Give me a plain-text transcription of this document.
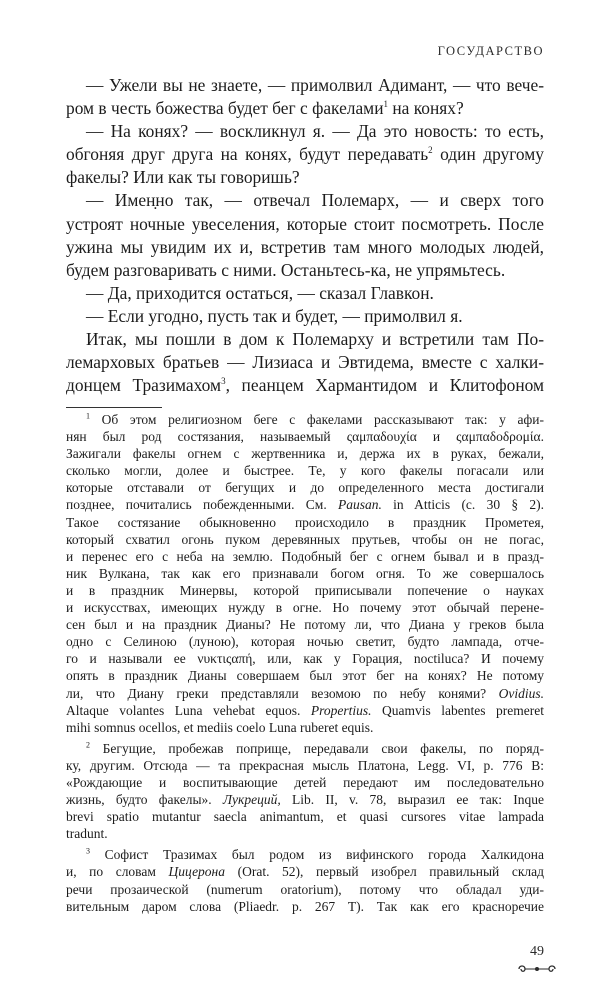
ГОСУДАРСТВО
— Ужели вы не знаете, — примолвил Адимант, — что вече-
ром в честь божества будет бег с факелами$^1$ на конях?
— На конях? — воскликнул я. — Да это новость: то есть,
обгоняя друг друга на конях, будут передавать$^2$ один другому
факелы? Или как ты говоришь?
— Имен̣но так, — отвечал Полемарх, — и сверх того
устроят ночные увеселения, которые стоит посмотреть. После
ужина мы увидим их и, встретив там много молодых людей,
будем разговаривать с ними. Останьтесь-ка, не упрямьтесь.
— Да, приходится остаться, — сказал Главкон.
— Если угодно, пусть так и будет, — примолвил я.
Итак, мы пошли в дом к Полемарху и встретили там По-
лемарховых братьев — Лизиаса и Эвтидема, вместе с халки-
донцем Тразимахом$^3$, пеанцем Хармантидом и Клитофоном
$^1$ Об этом религиозном беге с факелами рассказывают так: у афи-
нян был род состязания, называемый ςαμπαδουχία и ςαμπαδοδρομία.
Зажигали факелы огнем с жертвенника и, держа их в руках, бежали,
сколько могли, долее и быстрее. Те, у кого факелы погасали или
которые отставали от бегущих и до определенного места достигали
позднее, почитались побежденными. См. Pausan. in Atticis (c. 30 § 2).
Такое состязание обыкновенно происходило в праздник Прометея,
который схватил огонь пуком деревянных прутьев, чтобы он не погас,
и перенес его с неба на землю. Подобный бег с огнем бывал и в празд-
ник Вулкана, так как его признавали богом огня. То же совершалось
и в праздник Минервы, которой приписывали попечение о науках
и искусствах, имеющих нужду в огне. Но почему этот обычай перене-
сен был и на праздник Дианы? Не потому ли, что Диана у греков была
одно с Селиною (луною), которая ночью светит, будто лампада, отче-
го и называли ее νυκτιςαπή, или, как у Горация, noctiluca? И почему
опять в праздник Дианы совершаем был этот бег на конях? Не потому
ли, что Диану греки представляли везомою по небу конями? Ovidius.
Altaque volantes Luna vehebat equos. Propertius. Quamvis labentes premeret
mihi somnus ocellos, et mediis coelo Luna ruberet equis.
$^2$ Бегущие, пробежав поприще, передавали свои факелы, по поряд-
ку, другим. Отсюда — та прекрасная мысль Платона, Legg. VI, p. 776 В:
«Рождающие и воспитывающие детей передают им последовательно
жизнь, будто факелы». Лукреций, Lib. II, v. 78, выразил ее так: Inque
brevi spatio mutantur saecla animantum, et quasi cursores vitae lampada
tradunt.
$^3$ Софист Тразимах был родом из вифинского города Халкидона
и, по словам Цицерона (Orat. 52), первый изобрел правильный склад
речи прозаической (numerum oratorium), потому что обладал уди-
вительным даром слова (Pliaedr. p. 267 Т). Так как его красноречие
49
